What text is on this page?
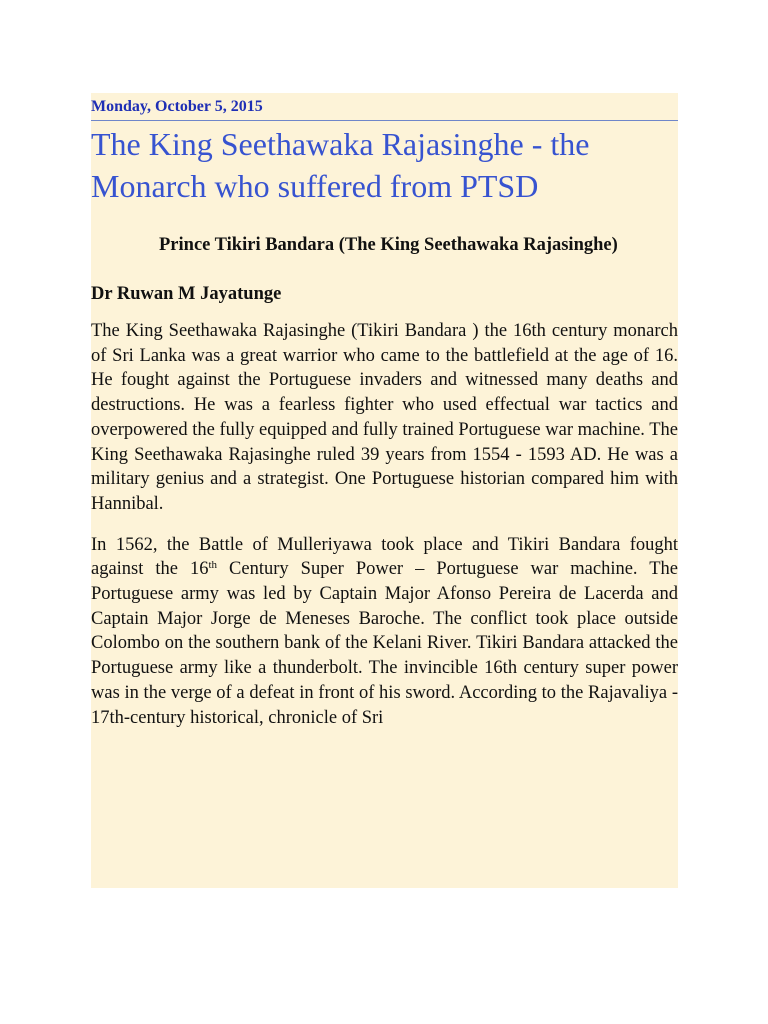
Monday, October 5, 2015
The King Seethawaka Rajasinghe - the Monarch who suffered from PTSD
Prince Tikiri Bandara (The King Seethawaka Rajasinghe)
Dr Ruwan M Jayatunge

The King Seethawaka Rajasinghe (Tikiri Bandara ) the 16th century monarch of Sri Lanka was a great warrior who came to the battlefield at the age of 16. He fought against the Portuguese invaders and witnessed many deaths and destructions. He was a fearless fighter who used effectual war tactics and overpowered the fully equipped and fully trained Portuguese war machine. The King Seethawaka Rajasinghe ruled 39 years from 1554 - 1593 AD. He was a military genius and a strategist. One Portuguese historian compared him with Hannibal.

In 1562, the Battle of Mulleriyawa took place and Tikiri Bandara fought against the 16th Century Super Power – Portuguese war machine. The Portuguese army was led by Captain Major Afonso Pereira de Lacerda and Captain Major Jorge de Meneses Baroche. The conflict took place outside Colombo on the southern bank of the Kelani River. Tikiri Bandara attacked the Portuguese army like a thunderbolt. The invincible 16th century super power was in the verge of a defeat in front of his sword. According to the Rajavaliya - 17th-century historical, chronicle of Sri
